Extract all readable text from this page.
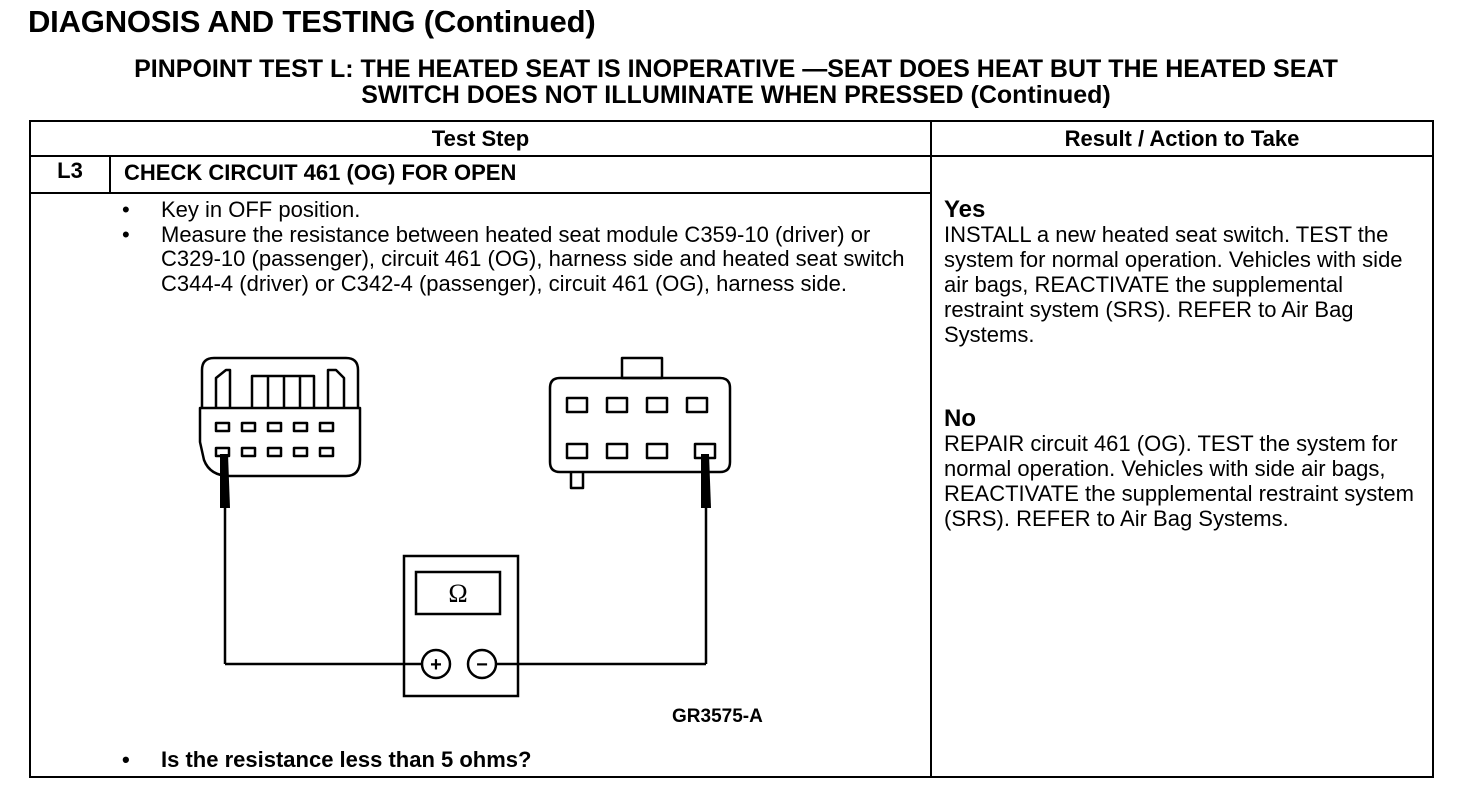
DIAGNOSIS AND TESTING (Continued)
PINPOINT TEST L: THE HEATED SEAT IS INOPERATIVE —SEAT DOES HEAT BUT THE HEATED SEAT
SWITCH DOES NOT ILLUMINATE WHEN PRESSED (Continued)
Test Step	Result / Action to Take
L3	CHECK CIRCUIT 461 (OG) FOR OPEN
• Key in OFF position.
• Measure the resistance between heated seat module C359-10 (driver) or C329-10 (passenger), circuit 461 (OG), harness side and heated seat switch C344-4 (driver) or C342-4 (passenger), circuit 461 (OG), harness side.
Ω
+ −
GR3575-A
• Is the resistance less than 5 ohms?
Yes
INSTALL a new heated seat switch. TEST the system for normal operation. Vehicles with side air bags, REACTIVATE the supplemental restraint system (SRS). REFER to Air Bag Systems.
No
REPAIR circuit 461 (OG). TEST the system for normal operation. Vehicles with side air bags, REACTIVATE the supplemental restraint system (SRS). REFER to Air Bag Systems.
